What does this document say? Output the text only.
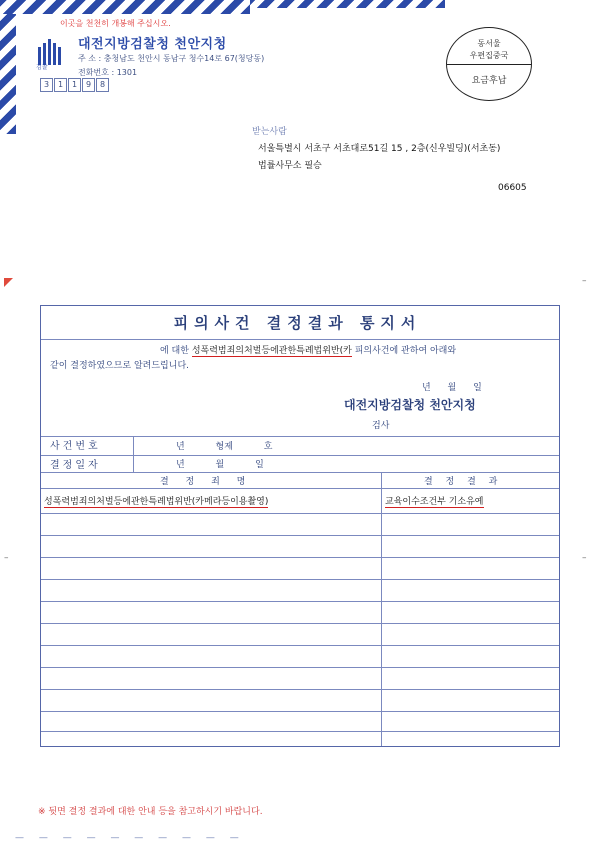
이곳을 천천히 개봉해 주십시오.
검찰
대전지방검찰청 천안지청
주 소 : 충청남도 천안시 동남구 청수14로 67(청당동)
전화번호 : 1301
3	1	1	9	8
동서울
우편집중국
요금후납
받는사람
서울특별시 서초구 서초대로51길 15 , 2층(신우빌딩)(서초동)
법률사무소 필승
06605
–
–
–
피의사건 결정결과 통지서
에 대한 성폭력범죄의처벌등에관한특례법위반(카 피의사건에 관하여 아래와
같이 결정하였으므로 알려드립니다.
년 월 일
대전지방검찰청 천안지청
검사
사건번호	년 형제 호
결정일자	년 월 일
결 정 죄 명	결 정 결 과
성폭력범죄의처벌등에관한특례법위반(카메라등이용촬영)	교육이수조건부 기소유예
※ 뒷면 결정 결과에 대한 안내 등을 참고하시기 바랍니다.
— — — — — — — — — —
